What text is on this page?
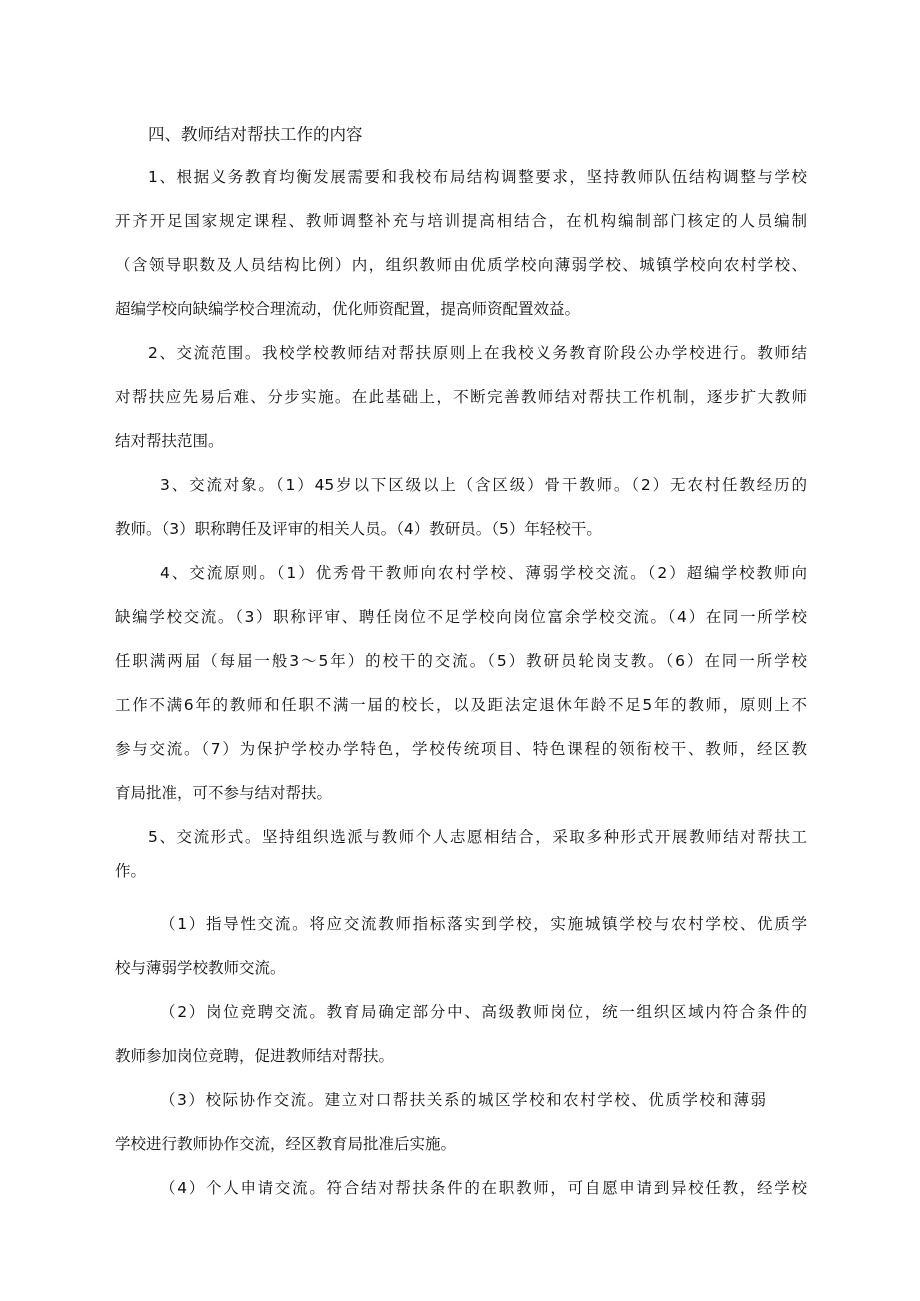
四、教师结对帮扶工作的内容
1、根据义务教育均衡发展需要和我校布局结构调整要求，坚持教师队伍结构调整与学校
开齐开足国家规定课程、教师调整补充与培训提高相结合，在机构编制部门核定的人员编制
（含领导职数及人员结构比例）内，组织教师由优质学校向薄弱学校、城镇学校向农村学校、
超编学校向缺编学校合理流动，优化师资配置，提高师资配置效益。
2、交流范围。我校学校教师结对帮扶原则上在我校义务教育阶段公办学校进行。教师结
对帮扶应先易后难、分步实施。在此基础上，不断完善教师结对帮扶工作机制，逐步扩大教师
结对帮扶范围。
3、交流对象。（1）45岁以下区级以上（含区级）骨干教师。（2）无农村任教经历的
教师。（3）职称聘任及评审的相关人员。（4）教研员。（5）年轻校干。
4、交流原则。（1）优秀骨干教师向农村学校、薄弱学校交流。（2）超编学校教师向
缺编学校交流。（3）职称评审、聘任岗位不足学校向岗位富余学校交流。（4）在同一所学校
任职满两届（每届一般3〜5年）的校干的交流。（5）教研员轮岗支教。（6）在同一所学校
工作不满6年的教师和任职不满一届的校长，以及距法定退休年龄不足5年的教师，原则上不
参与交流。（7）为保护学校办学特色，学校传统项目、特色课程的领衔校干、教师，经区教
育局批准，可不参与结对帮扶。
5、交流形式。坚持组织选派与教师个人志愿相结合，采取多种形式开展教师结对帮扶工
作。
（1）指导性交流。将应交流教师指标落实到学校，实施城镇学校与农村学校、优质学
校与薄弱学校教师交流。
（2）岗位竞聘交流。教育局确定部分中、高级教师岗位，统一组织区域内符合条件的
教师参加岗位竞聘，促进教师结对帮扶。
（3）校际协作交流。建立对口帮扶关系的城区学校和农村学校、优质学校和薄弱
学校进行教师协作交流，经区教育局批准后实施。
（4）个人申请交流。符合结对帮扶条件的在职教师，可自愿申请到异校任教，经学校
